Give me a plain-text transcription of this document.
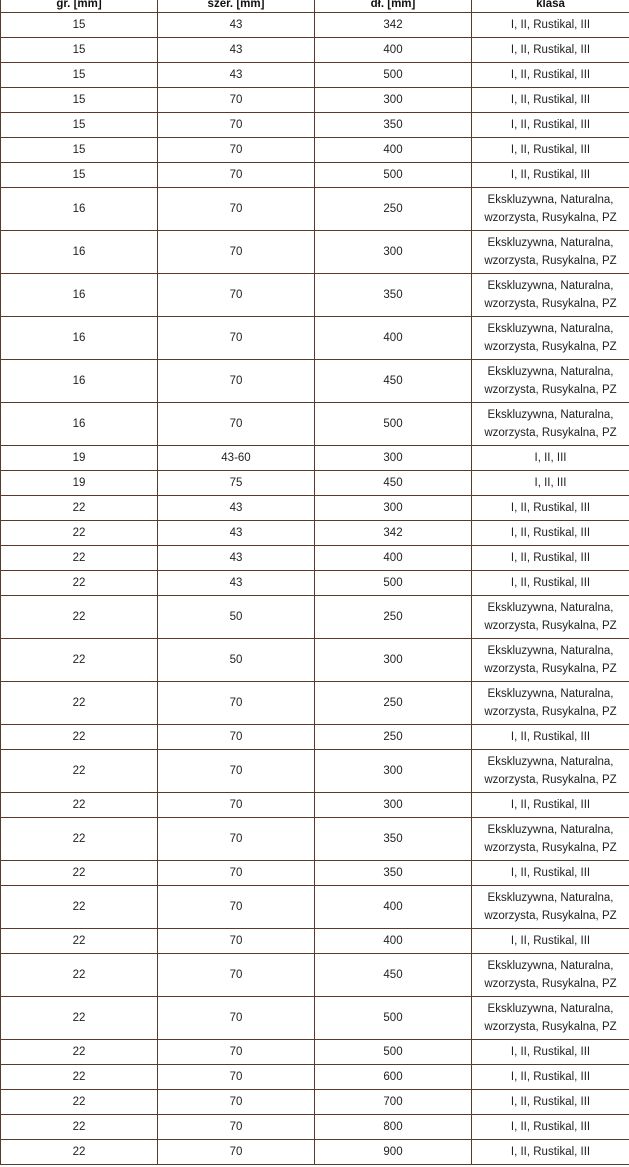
gr. [mm]	szer. [mm]	dł. [mm]	klasa
15	43	342	I, II, Rustikal, III
15	43	400	I, II, Rustikal, III
15	43	500	I, II, Rustikal, III
15	70	300	I, II, Rustikal, III
15	70	350	I, II, Rustikal, III
15	70	400	I, II, Rustikal, III
15	70	500	I, II, Rustikal, III
16	70	250	Ekskluzywna, Naturalna, wzorzysta, Rusykalna, PZ
16	70	300	Ekskluzywna, Naturalna, wzorzysta, Rusykalna, PZ
16	70	350	Ekskluzywna, Naturalna, wzorzysta, Rusykalna, PZ
16	70	400	Ekskluzywna, Naturalna, wzorzysta, Rusykalna, PZ
16	70	450	Ekskluzywna, Naturalna, wzorzysta, Rusykalna, PZ
16	70	500	Ekskluzywna, Naturalna, wzorzysta, Rusykalna, PZ
19	43-60	300	I, II, III
19	75	450	I, II, III
22	43	300	I, II, Rustikal, III
22	43	342	I, II, Rustikal, III
22	43	400	I, II, Rustikal, III
22	43	500	I, II, Rustikal, III
22	50	250	Ekskluzywna, Naturalna, wzorzysta, Rusykalna, PZ
22	50	300	Ekskluzywna, Naturalna, wzorzysta, Rusykalna, PZ
22	70	250	Ekskluzywna, Naturalna, wzorzysta, Rusykalna, PZ
22	70	250	I, II, Rustikal, III
22	70	300	Ekskluzywna, Naturalna, wzorzysta, Rusykalna, PZ
22	70	300	I, II, Rustikal, III
22	70	350	Ekskluzywna, Naturalna, wzorzysta, Rusykalna, PZ
22	70	350	I, II, Rustikal, III
22	70	400	Ekskluzywna, Naturalna, wzorzysta, Rusykalna, PZ
22	70	400	I, II, Rustikal, III
22	70	450	Ekskluzywna, Naturalna, wzorzysta, Rusykalna, PZ
22	70	500	Ekskluzywna, Naturalna, wzorzysta, Rusykalna, PZ
22	70	500	I, II, Rustikal, III
22	70	600	I, II, Rustikal, III
22	70	700	I, II, Rustikal, III
22	70	800	I, II, Rustikal, III
22	70	900	I, II, Rustikal, III
